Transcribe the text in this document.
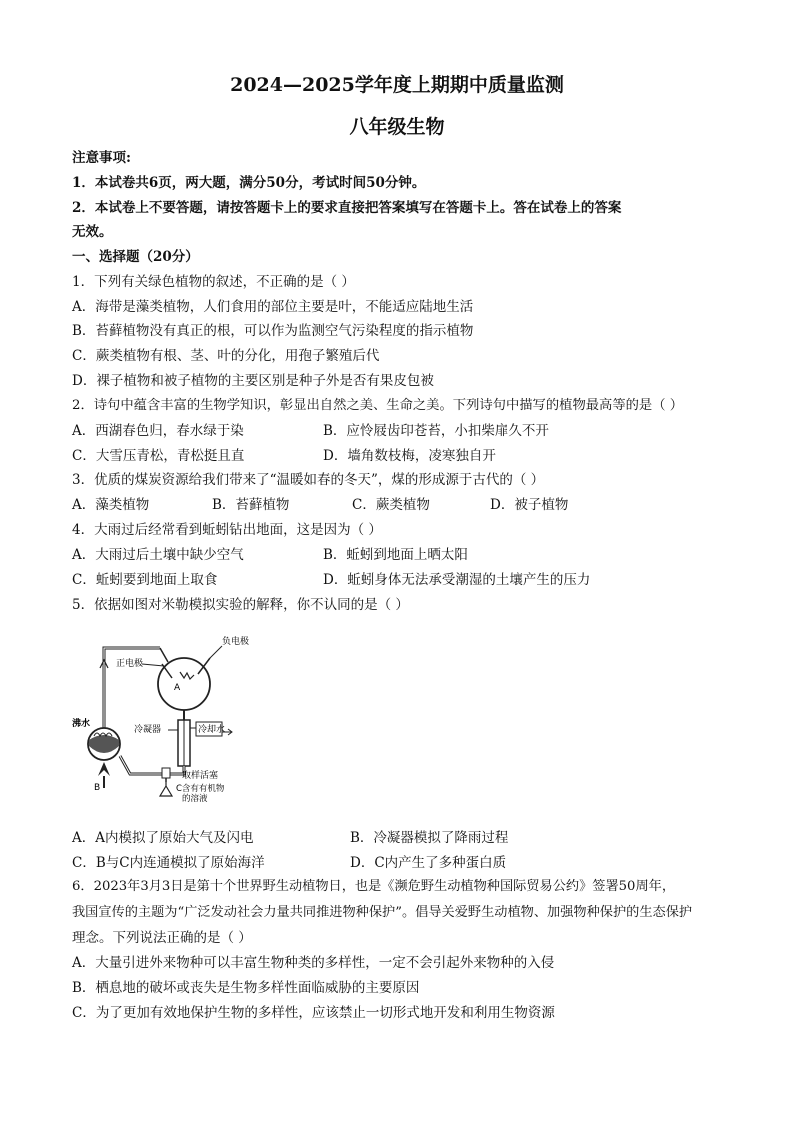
2024—2025学年度上期期中质量监测
八年级生物
注意事项:
1．本试卷共6页，两大题，满分50分，考试时间50分钟。
2．本试卷上不要答题，请按答题卡上的要求直接把答案填写在答题卡上。答在试卷上的答案
无效。
一、选择题（20分）
1．下列有关绿色植物的叙述，不正确的是（ ）
A．海带是藻类植物，人们食用的部位主要是叶，不能适应陆地生活
B．苔藓植物没有真正的根，可以作为监测空气污染程度的指示植物
C．蕨类植物有根、茎、叶的分化，用孢子繁殖后代
D．裸子植物和被子植物的主要区别是种子外是否有果皮包被
2．诗句中蕴含丰富的生物学知识，彰显出自然之美、生命之美。下列诗句中描写的植物最高等的是（ ）
A．西湖春色归，春水绿于染	B．应怜屐齿印苍苔，小扣柴扉久不开
C．大雪压青松，青松挺且直	D．墙角数枝梅，凌寒独自开
3．优质的煤炭资源给我们带来了“温暖如春的冬天”，煤的形成源于古代的（ ）
A．藻类植物	B．苔藓植物	C．蕨类植物	D．被子植物
4．大雨过后经常看到蚯蚓钻出地面，这是因为（ ）
A．大雨过后土壤中缺少空气	B．蚯蚓到地面上晒太阳
C．蚯蚓要到地面上取食	D．蚯蚓身体无法承受潮湿的土壤产生的压力
5．依据如图对米勒模拟实验的解释，你不认同的是（ ）
负电极
正电极
A
冷凝器	冷却水
沸水
B
取样活塞
C含有有机物
的溶液
A．A内模拟了原始大气及闪电	B．冷凝器模拟了降雨过程
C．B与C内连通模拟了原始海洋	D．C内产生了多种蛋白质
6．2023年3月3日是第十个世界野生动植物日，也是《濒危野生动植物种国际贸易公约》签署50周年，
我国宣传的主题为“广泛发动社会力量共同推进物种保护”。倡导关爱野生动植物、加强物种保护的生态保护
理念。下列说法正确的是（ ）
A．大量引进外来物种可以丰富生物种类的多样性，一定不会引起外来物种的入侵
B．栖息地的破坏或丧失是生物多样性面临威胁的主要原因
C．为了更加有效地保护生物的多样性，应该禁止一切形式地开发和利用生物资源
